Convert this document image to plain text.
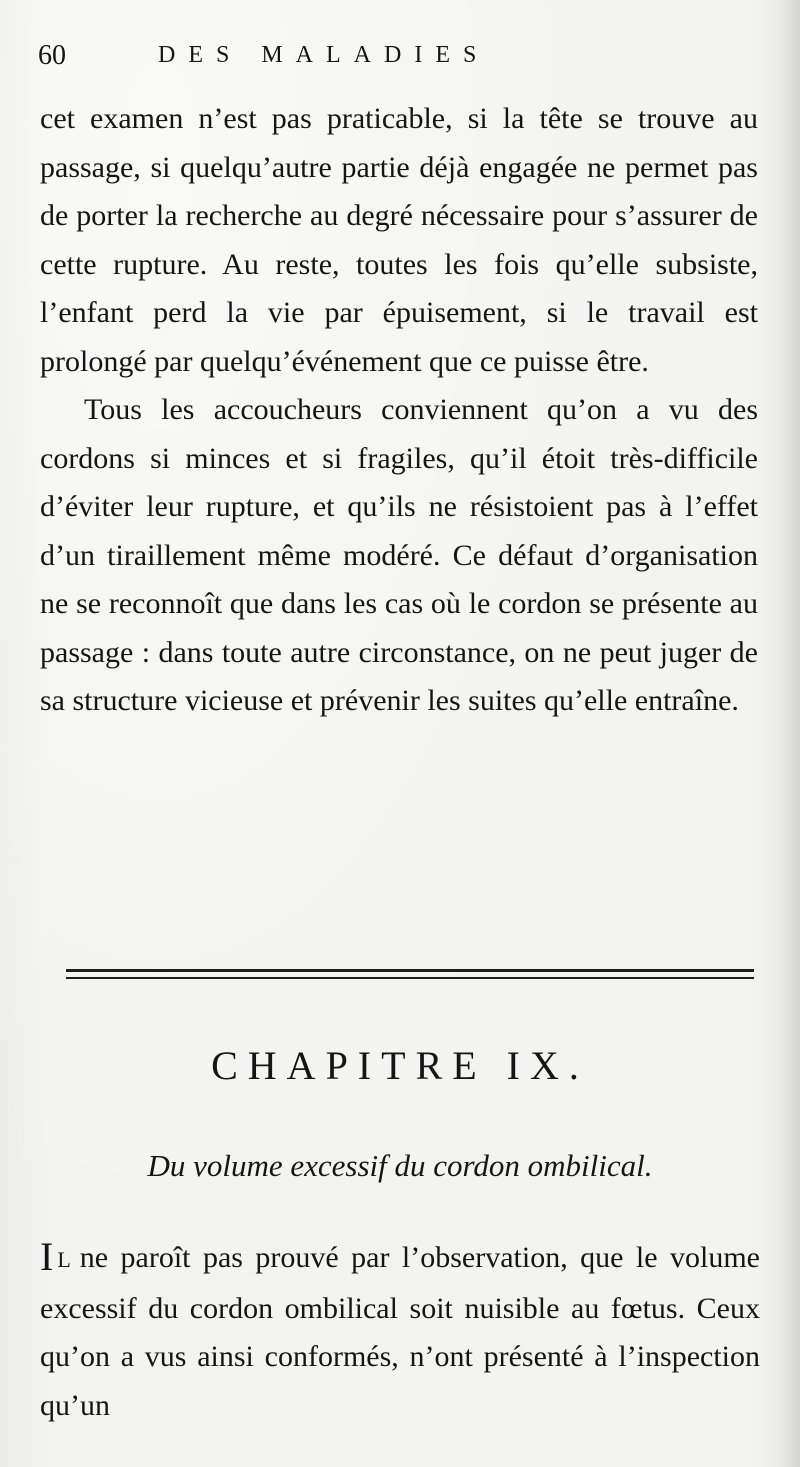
60	DES MALADIES

cet examen n’est pas praticable, si la tête se trouve au passage, si quelqu’autre partie déjà engagée ne permet pas de porter la recherche au degré nécessaire pour s’assurer de cette rupture. Au reste, toutes les fois qu’elle subsiste, l’enfant perd la vie par épuisement, si le travail est prolongé par quelqu’événement que ce puisse être.

Tous les accoucheurs conviennent qu’on a vu des cordons si minces et si fragiles, qu’il étoit très-difficile d’éviter leur rupture, et qu’ils ne résistoient pas à l’effet d’un tiraillement même modéré. Ce défaut d’organisation ne se reconnoît que dans les cas où le cordon se présente au passage : dans toute autre circonstance, on ne peut juger de sa structure vicieuse et prévenir les suites qu’elle entraîne.

CHAPITRE IX.
Du volume excessif du cordon ombilical.
I L ne paroît pas prouvé par l’observation, que le volume excessif du cordon ombilical soit nuisible au fœtus. Ceux qu’on a vus ainsi conformés, n’ont présenté à l’inspection qu’un
